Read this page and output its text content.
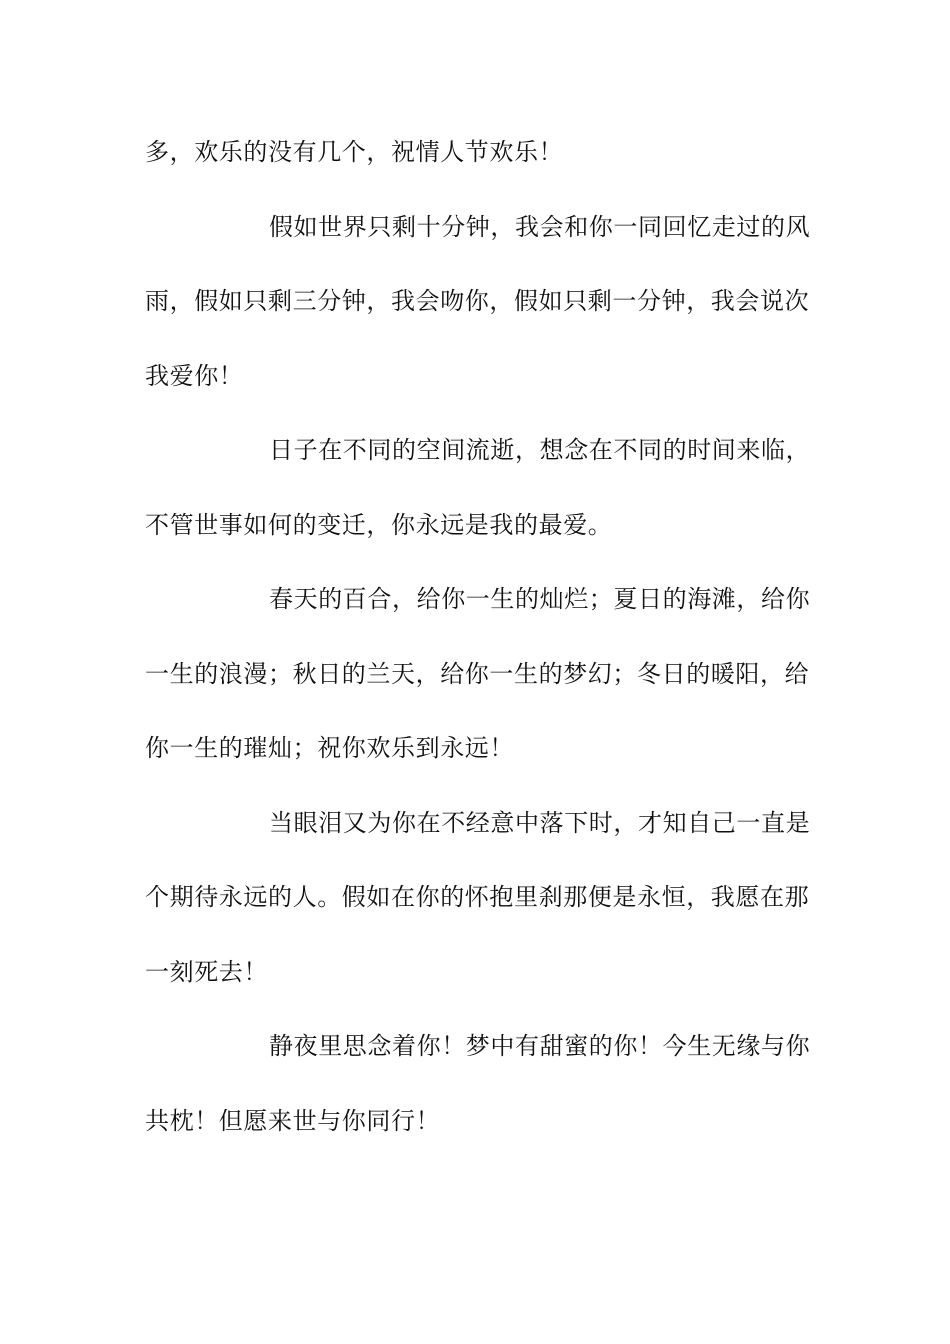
多，欢乐的没有几个，祝情人节欢乐！
假如世界只剩十分钟，我会和你一同回忆走过的风
雨，假如只剩三分钟，我会吻你，假如只剩一分钟，我会说次
我爱你！
日子在不同的空间流逝，想念在不同的时间来临，
不管世事如何的变迁，你永远是我的最爱。
春天的百合，给你一生的灿烂；夏日的海滩，给你
一生的浪漫；秋日的兰天，给你一生的梦幻；冬日的暖阳，给
你一生的璀灿；祝你欢乐到永远！
当眼泪又为你在不经意中落下时，才知自己一直是
个期待永远的人。假如在你的怀抱里刹那便是永恒，我愿在那
一刻死去！
静夜里思念着你！梦中有甜蜜的你！今生无缘与你
共枕！但愿来世与你同行！
